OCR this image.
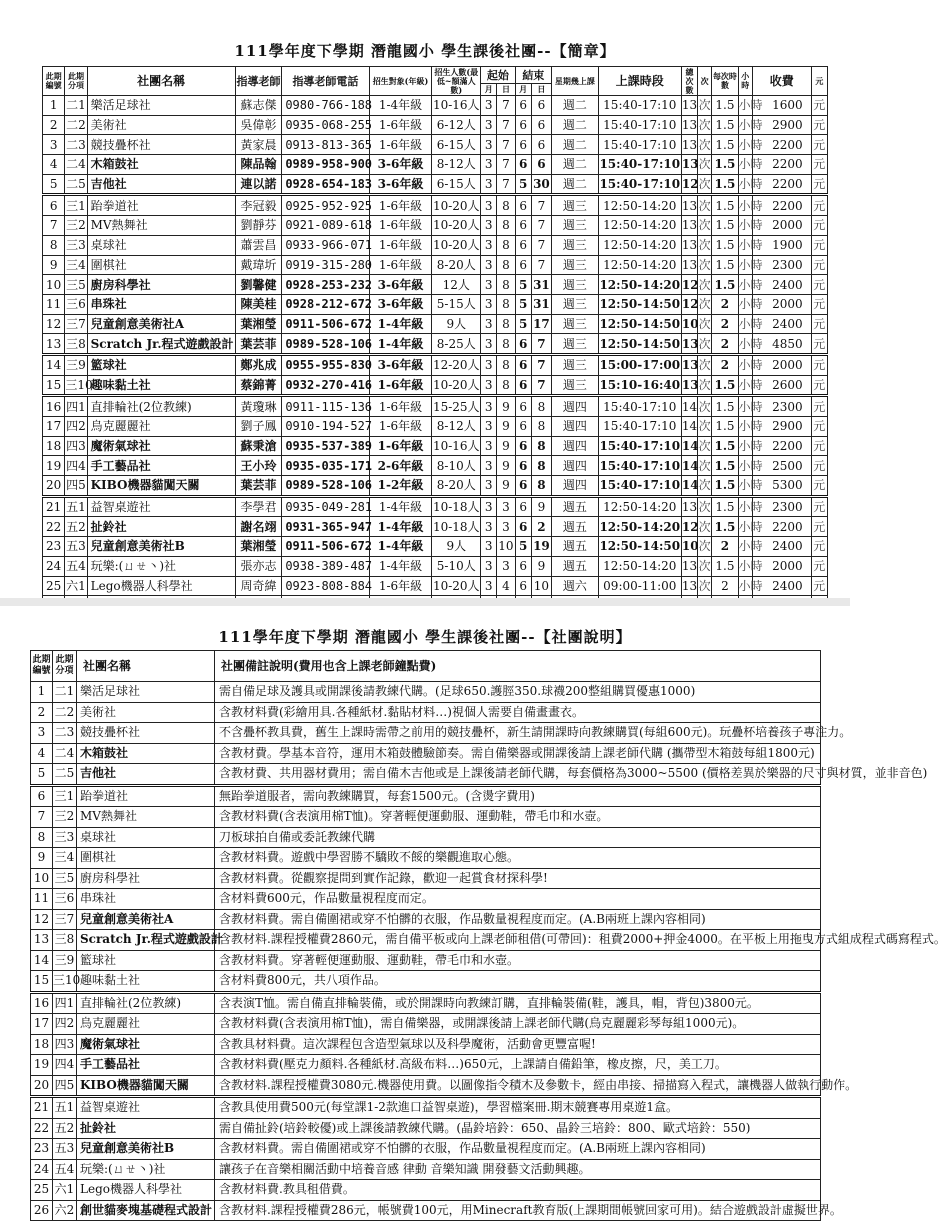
111學年度下學期 潛龍國小 學生課後社團--【簡章】
此期編號	此期分項	社團名稱	指導老師	指導老師電話	招生對象(年級)	招生人數(最低~額滿人數)	起始		結束		星期幾上課	上課時段	總次數	次	每次時數	小時	收費	元
							月	日	月	日								
1	二1	樂活足球社	蘇志傑	0980-766-188	1-4年級	10-16人	3	7	6	6	週二	15:40-17:10	13	次	1.5	小時	1600	元
2	二2	美術社	吳偉彰	0935-068-255	1-6年級	6-12人	3	7	6	6	週二	15:40-17:10	13	次	1.5	小時	2900	元
3	二3	競技疊杯社	黃家晨	0913-813-365	1-6年級	6-15人	3	7	6	6	週二	15:40-17:10	13	次	1.5	小時	2200	元
4	二4	木箱鼓社	陳品翰	0989-958-900	3-6年級	8-12人	3	7	6	6	週二	15:40-17:10	13	次	1.5	小時	2200	元
5	二5	吉他社	連以諾	0928-654-183	3-6年級	6-15人	3	7	5	30	週二	15:40-17:10	12	次	1.5	小時	2200	元
6	三1	跆拳道社	李冠毅	0925-952-925	1-6年級	10-20人	3	8	6	7	週三	12:50-14:20	13	次	1.5	小時	2200	元
7	三2	MV熱舞社	劉靜芬	0921-089-618	1-6年級	10-20人	3	8	6	7	週三	12:50-14:20	13	次	1.5	小時	2000	元
8	三3	桌球社	蕭雲昌	0933-966-071	1-6年級	10-20人	3	8	6	7	週三	12:50-14:20	13	次	1.5	小時	1900	元
9	三4	圍棋社	戴瑋圻	0919-315-280	1-6年級	8-20人	3	8	6	7	週三	12:50-14:20	13	次	1.5	小時	2300	元
10	三5	廚房科學社	劉馨健	0928-253-232	3-6年級	12人	3	8	5	31	週三	12:50-14:20	12	次	1.5	小時	2400	元
11	三6	串珠社	陳美桂	0928-212-672	3-6年級	5-15人	3	8	5	31	週三	12:50-14:50	12	次	2	小時	2000	元
12	三7	兒童創意美術社A	葉湘瑩	0911-506-672	1-4年級	9人	3	8	5	17	週三	12:50-14:50	10	次	2	小時	2400	元
13	三8	Scratch Jr.程式遊戲設計	葉芸菲	0989-528-106	1-4年級	8-25人	3	8	6	7	週三	12:50-14:50	13	次	2	小時	4850	元
14	三9	籃球社	鄭兆成	0955-955-830	3-6年級	12-20人	3	8	6	7	週三	15:00-17:00	13	次	2	小時	2000	元
15	三10	趣味黏土社	蔡錦菁	0932-270-416	1-6年級	10-20人	3	8	6	7	週三	15:10-16:40	13	次	1.5	小時	2600	元
16	四1	直排輪社(2位教練)	黃瓊琳	0911-115-136	1-6年級	15-25人	3	9	6	8	週四	15:40-17:10	14	次	1.5	小時	2300	元
17	四2	烏克麗麗社	劉子鳳	0910-194-527	1-6年級	8-12人	3	9	6	8	週四	15:40-17:10	14	次	1.5	小時	2900	元
18	四3	魔術氣球社	蘇秉滄	0935-537-389	1-6年級	10-16人	3	9	6	8	週四	15:40-17:10	14	次	1.5	小時	2200	元
19	四4	手工藝品社	王小玲	0935-035-171	2-6年級	8-10人	3	9	6	8	週四	15:40-17:10	14	次	1.5	小時	2500	元
20	四5	KIBO機器貓闖天關	葉芸菲	0989-528-106	1-2年級	8-20人	3	9	6	8	週四	15:40-17:10	14	次	1.5	小時	5300	元
21	五1	益智桌遊社	李學君	0935-049-281	1-4年級	10-18人	3	3	6	9	週五	12:50-14:20	13	次	1.5	小時	2300	元
22	五2	扯鈴社	謝名翊	0931-365-947	1-4年級	10-18人	3	3	6	2	週五	12:50-14:20	12	次	1.5	小時	2200	元
23	五3	兒童創意美術社B	葉湘瑩	0911-506-672	1-4年級	9人	3	10	5	19	週五	12:50-14:50	10	次	2	小時	2400	元
24	五4	玩樂:(ㄩㄝ丶)社	張亦志	0938-389-487	1-4年級	5-10人	3	3	6	9	週五	12:50-14:20	13	次	1.5	小時	2000	元
25	六1	Lego機器人科學社	周奇緯	0923-808-884	1-6年級	10-20人	3	4	6	10	週六	09:00-11:00	13	次	2	小時	2400	元

111學年度下學期 潛龍國小 學生課後社團--【社團說明】
此期編號	此期分項	社團名稱	社團備註說明(費用也含上課老師鐘點費)
1	二1	樂活足球社	需自備足球及護具或開課後請教練代購。(足球650.護脛350.球襪200整組購買優惠1000)
2	二2	美術社	含教材料費(彩繪用具.各種紙材.黏貼材料…)視個人需要自備畫畫衣。
3	二3	競技疊杯社	不含疊杯教具費，舊生上課時需帶之前用的競技疊杯，新生請開課時向教練購買(每組600元)。玩疊杯培養孩子專注力。
4	二4	木箱鼓社	含教材費。學基本音符，運用木箱鼓體驗節奏。需自備樂器或開課後請上課老師代購 (攜帶型木箱鼓每組1800元)
5	二5	吉他社	含教材費、共用器材費用；需自備木吉他或是上課後請老師代購，每套價格為3000~5500 (價格差異於樂器的尺寸與材質，並非音色)
6	三1	跆拳道社	無跆拳道服者，需向教練購買，每套1500元。(含燙字費用)
7	三2	MV熱舞社	含教材料費(含表演用棉T恤)。穿著輕便運動服、運動鞋，帶毛巾和水壺。
8	三3	桌球社	刀板球拍自備或委託教練代購
9	三4	圍棋社	含教材料費。遊戲中學習勝不驕敗不餒的樂觀進取心態。
10	三5	廚房科學社	含教材料費。從觀察提問到實作記錄，歡迎一起賞食材探科學!
11	三6	串珠社	含材料費600元，作品數量視程度而定。
12	三7	兒童創意美術社A	含教材料費。需自備圍裙或穿不怕髒的衣服，作品數量視程度而定。(A.B兩班上課內容相同)
13	三8	Scratch Jr.程式遊戲設計	含教材料.課程授權費2860元，需自備平板或向上課老師租借(可帶回)：租費2000+押金4000。在平板上用拖曳方式組成程式碼寫程式。
14	三9	籃球社	含教材料費。穿著輕便運動服、運動鞋，帶毛巾和水壺。
15	三10	趣味黏土社	含材料費800元，共八項作品。
16	四1	直排輪社(2位教練)	含表演T恤。需自備直排輪裝備，或於開課時向教練訂購，直排輪裝備(鞋，護具，帽，背包)3800元。
17	四2	烏克麗麗社	含教材料費(含表演用棉T恤)，需自備樂器，或開課後請上課老師代購(烏克麗麗彩琴每組1000元)。
18	四3	魔術氣球社	含教具材料費。這次課程包含造型氣球以及科學魔術，活動會更豐富喔!
19	四4	手工藝品社	含教材料費(壓克力顏料.各種紙材.高級布料…)650元，上課請自備鉛筆，橡皮擦，尺，美工刀。
20	四5	KIBO機器貓闖天關	含教材料.課程授權費3080元.機器使用費。以圖像指令積木及參數卡，經由串接、掃描寫入程式，讓機器人做執行動作。
21	五1	益智桌遊社	含教具使用費500元(每堂課1-2款進口益智桌遊)，學習檔案冊.期末競賽專用桌遊1盒。
22	五2	扯鈴社	需自備扯鈴(培鈴較優)或上課後請教練代購。(晶鈴培鈴：650、晶鈴三培鈴：800、歐式培鈴：550)
23	五3	兒童創意美術社B	含教材料費。需自備圍裙或穿不怕髒的衣服，作品數量視程度而定。(A.B兩班上課內容相同)
24	五4	玩樂:(ㄩㄝ丶)社	讓孩子在音樂相關活動中培養音感 律動 音樂知識 開發藝文活動興趣。
25	六1	Lego機器人科學社	含教材料費.教具租借費。
26	六2	創世貓麥塊基礎程式設計	含教材料.課程授權費286元，帳號費100元，用Minecraft教育版(上課期間帳號回家可用)。結合遊戲設計虛擬世界。
